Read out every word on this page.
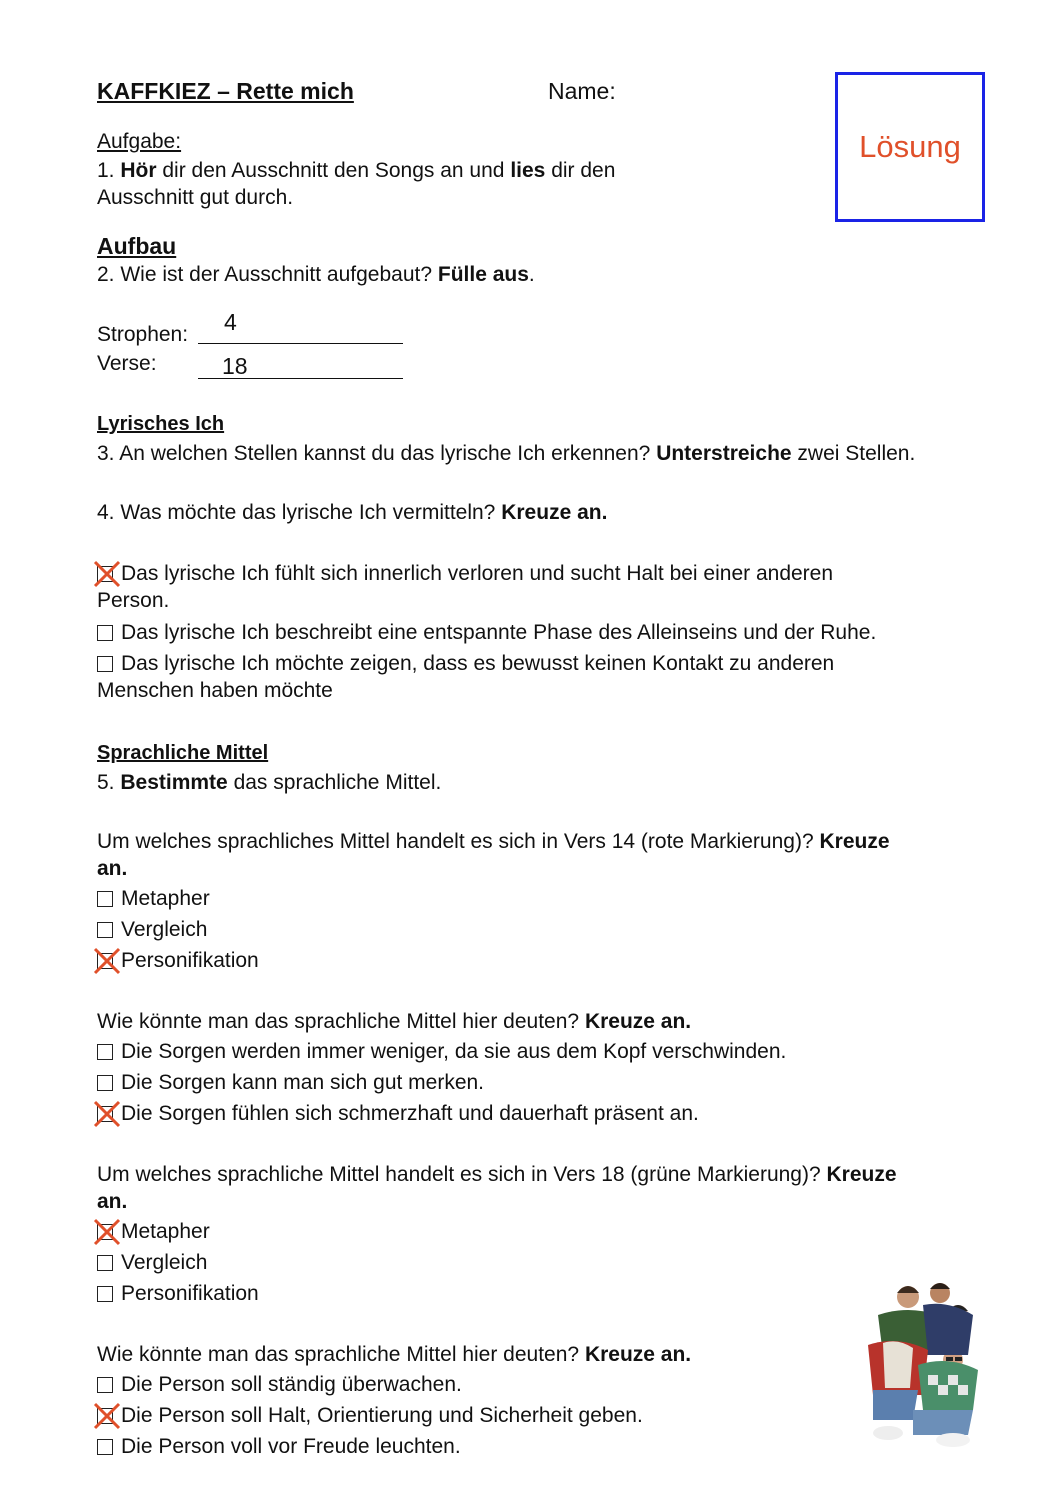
KAFFKIEZ – Rette mich	Name:
Lösung
Aufgabe:
1. Hör dir den Ausschnitt den Songs an und lies dir den
Ausschnitt gut durch.
Aufbau
2. Wie ist der Ausschnitt aufgebaut? Fülle aus.
Strophen: 4
Verse:	18
Lyrisches Ich
3. An welchen Stellen kannst du das lyrische Ich erkennen? Unterstreiche zwei Stellen.
4. Was möchte das lyrische Ich vermitteln? Kreuze an.
Das lyrische Ich fühlt sich innerlich verloren und sucht Halt bei einer anderen
Person.
Das lyrische Ich beschreibt eine entspannte Phase des Alleinseins und der Ruhe.
Das lyrische Ich möchte zeigen, dass es bewusst keinen Kontakt zu anderen
Menschen haben möchte
Sprachliche Mittel
5. Bestimmte das sprachliche Mittel.
Um welches sprachliches Mittel handelt es sich in Vers 14 (rote Markierung)? Kreuze
an.
Metapher
Vergleich
Personifikation
Wie könnte man das sprachliche Mittel hier deuten? Kreuze an.
Die Sorgen werden immer weniger, da sie aus dem Kopf verschwinden.
Die Sorgen kann man sich gut merken.
Die Sorgen fühlen sich schmerzhaft und dauerhaft präsent an.
Um welches sprachliche Mittel handelt es sich in Vers 18 (grüne Markierung)? Kreuze
an.
Metapher
Vergleich
Personifikation
Wie könnte man das sprachliche Mittel hier deuten? Kreuze an.
Die Person soll ständig überwachen.
Die Person soll Halt, Orientierung und Sicherheit geben.
Die Person voll vor Freude leuchten.
